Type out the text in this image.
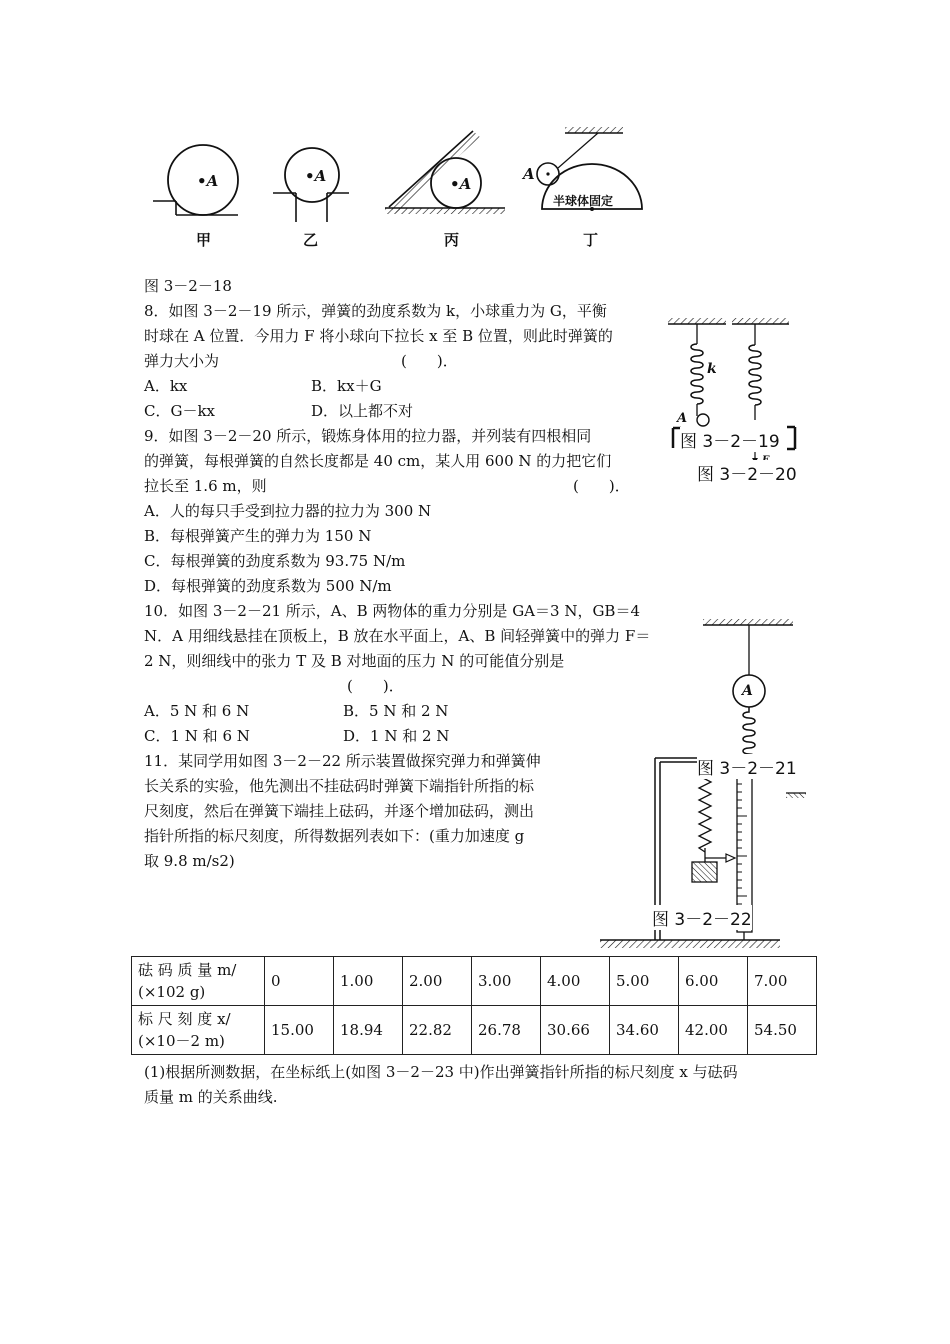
•A	•A	•A
A
半球体固定
甲	乙	丙	丁
图 3－2－18
8．如图 3－2－19 所示，弹簧的劲度系数为 k，小球重力为 G，平衡
时球在 A 位置．今用力 F 将小球向下拉长 x 至 B 位置，则此时弹簧的
弹力大小为	(　　)．
A．kx	B．kx＋G
C．G－kx	D．以上都不对
9．如图 3－2－20 所示，锻炼身体用的拉力器，并列装有四根相同
的弹簧，每根弹簧的自然长度都是 40 cm，某人用 600 N 的力把它们
拉长至 1.6 m，则	(　　)．
A．人的每只手受到拉力器的拉力为 300 N
B．每根弹簧产生的弹力为 150 N
C．每根弹簧的劲度系数为 93.75 N/m
D．每根弹簧的劲度系数为 500 N/m
10．如图 3－2－21 所示，A、B 两物体的重力分别是 GA＝3 N，GB＝4
N．A 用细线悬挂在顶板上，B 放在水平面上，A、B 间轻弹簧中的弹力 F＝
2 N，则细线中的张力 T 及 B 对地面的压力 N 的可能值分别是
(　　)．
A．5 N 和 6 N	B．5 N 和 2 N
C．1 N 和 6 N	D．1 N 和 2 N
11．某同学用如图 3－2－22 所示装置做探究弹力和弹簧伸
长关系的实验，他先测出不挂砝码时弹簧下端指针所指的标
尺刻度，然后在弹簧下端挂上砝码，并逐个增加砝码，测出
指针所指的标尺刻度，所得数据列表如下：(重力加速度 g
取 9.8 m/s2)
k
A
A
图 3－2－19
图 3－2－20
图 3－2－21
图 3－2－22
砝 码 质 量 m/
(×102 g)	0	1.00	2.00	3.00	4.00	5.00	6.00	7.00

标 尺 刻 度 x/
(×10－2 m)	15.00	18.94	22.82	26.78	30.66	34.60	42.00	54.50
(1)根据所测数据，在坐标纸上(如图 3－2－23 中)作出弹簧指针所指的标尺刻度 x 与砝码
质量 m 的关系曲线.
